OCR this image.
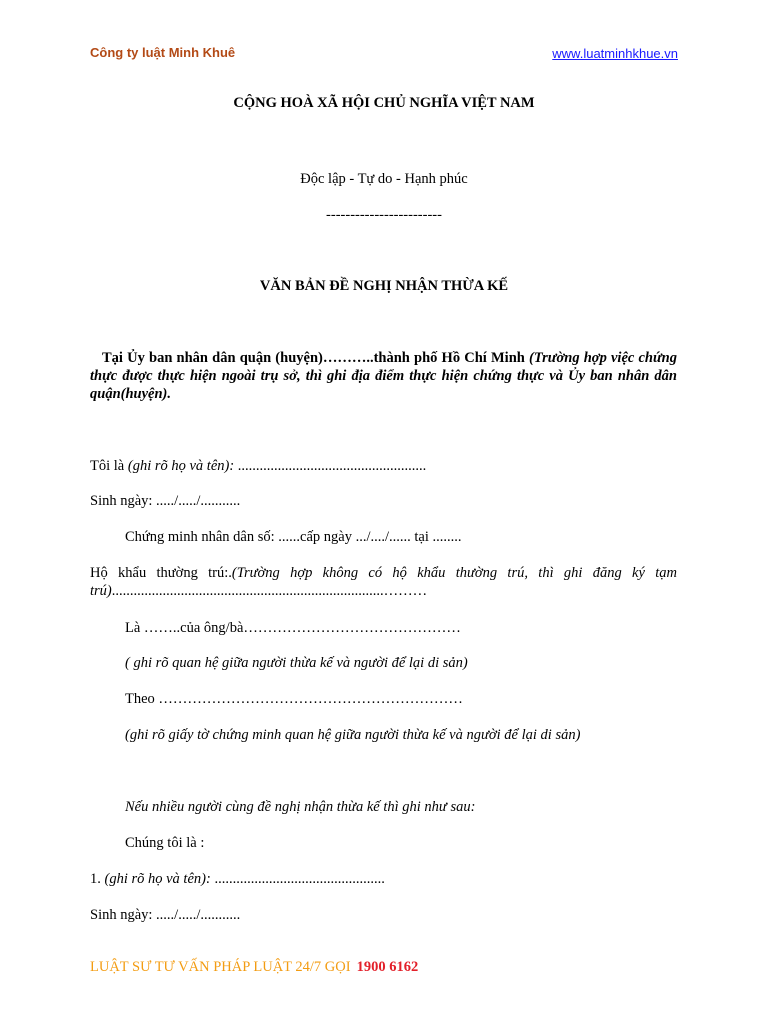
Công ty luật Minh Khuê	www.luatminhkhue.vn
CỘNG HOÀ XÃ HỘI CHỦ NGHĨA VIỆT NAM
Độc lập - Tự do - Hạnh phúc
------------------------
VĂN BẢN ĐỀ NGHỊ NHẬN THỪA KẾ
Tại Ủy ban nhân dân quận (huyện)………..thành phố Hồ Chí Minh (Trường hợp việc chứng thực được thực hiện ngoài trụ sở, thì ghi địa điểm thực hiện chứng thực và Ủy ban nhân dân quận(huyện).
Tôi là (ghi rõ họ và tên): ....................................................
Sinh ngày: ...../...../...........
Chứng minh nhân dân số: ......cấp ngày .../..../...... tại ........
Hộ khẩu thường trú:.(Trường hợp không có hộ khẩu thường trú, thì ghi đăng ký tạm trú)...........................................................................………
Là ……..của ông/bà………………………………………
( ghi rõ quan hệ giữa người thừa kế và người để lại di sản)
Theo ………………………………………………………
(ghi rõ giấy tờ chứng minh quan hệ giữa người thừa kế và người để lại di sản)
Nếu nhiều người cùng đề nghị nhận thừa kế thì ghi như sau:
Chúng tôi là :
1. (ghi rõ họ và tên): ...............................................
Sinh ngày: ...../...../...........
LUẬT SƯ TƯ VẤN PHÁP LUẬT 24/7 GỌI 1900 6162
